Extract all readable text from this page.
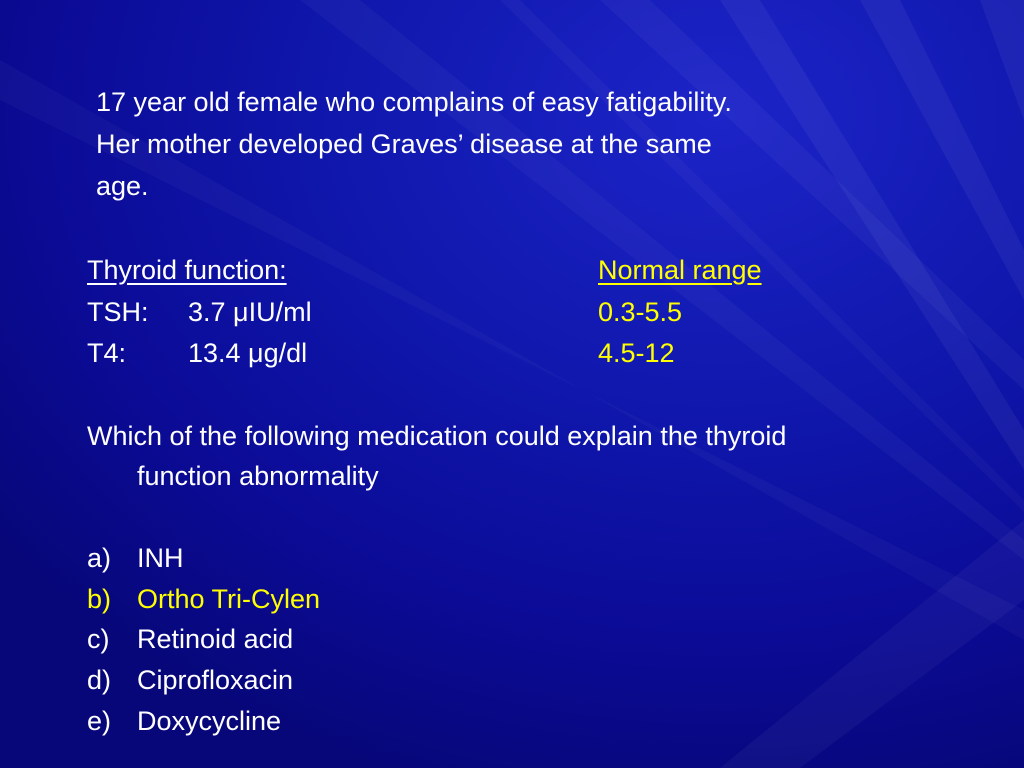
17 year old female who complains of easy fatigability.
Her mother developed Graves’ disease at the same
age.
Thyroid function:	Normal range
TSH: 3.7 μIU/ml	0.3-5.5
T4: 13.4 μg/dl	4.5-12
Which of the following medication could explain the thyroid
function abnormality
a) INH
b) Ortho Tri-Cylen
c) Retinoid acid
d) Ciprofloxacin
e) Doxycycline
